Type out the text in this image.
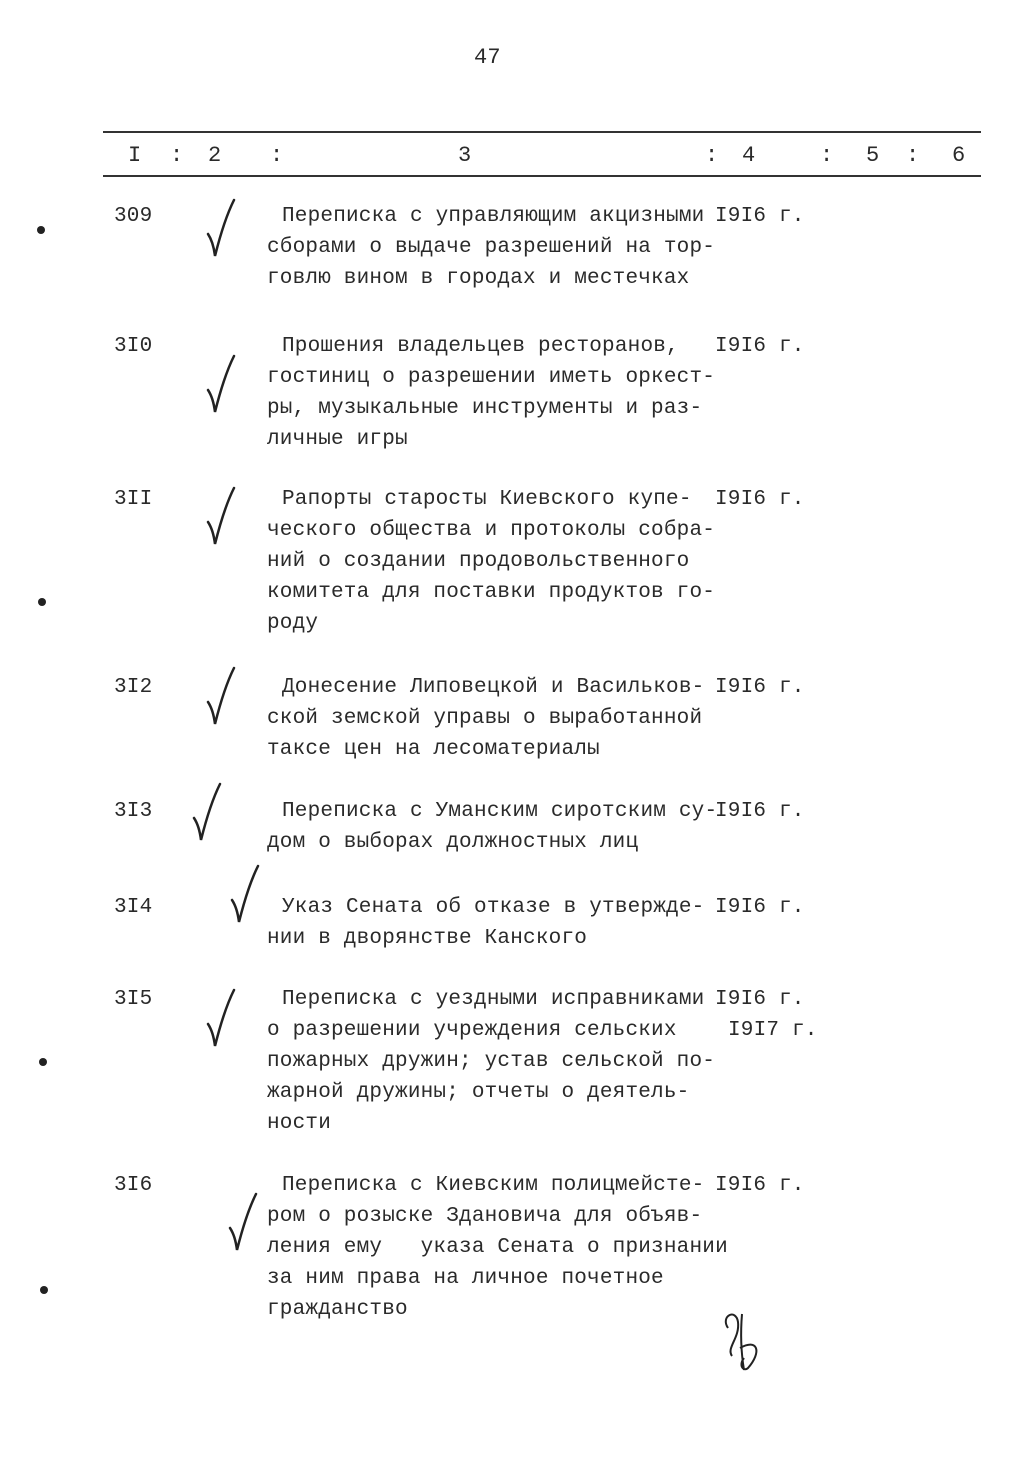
47
I : 2 :	3	: 4	: 5 : 6
309	Переписка с управляющим акцизными
сборами о выдаче разрешений на тор-
говлю вином в городах и местечках
I9I6 г.
3I0	Прошения владельцев ресторанов,
гостиниц о разрешении иметь оркест-
ры, музыкальные инструменты и раз-
личные игры
I9I6 г.
3II	Рапорты старосты Киевского купе-
ческого общества и протоколы собра-
ний о создании продовольственного
комитета для поставки продуктов го-
роду
I9I6 г.
3I2	Донесение Липовецкой и Васильков-
ской земской управы о выработанной
таксе цен на лесоматериалы
I9I6 г.
3I3	Переписка с Уманским сиротским су-
дом о выборах должностных лиц
I9I6 г.
3I4	Указ Сената об отказе в утвержде-
нии в дворянстве Канского
I9I6 г.
3I5	Переписка с уездными исправниками
о разрешении учреждения сельских
пожарных дружин; устав сельской по-
жарной дружины; отчеты о деятель-
ности
I9I6 г.
I9I7 г.
3I6	Переписка с Киевским полицмейсте-
ром о розыске Здановича для объяв-
ления ему   указа Сената о признании
за ним права на личное почетное
гражданство
I9I6 г.
